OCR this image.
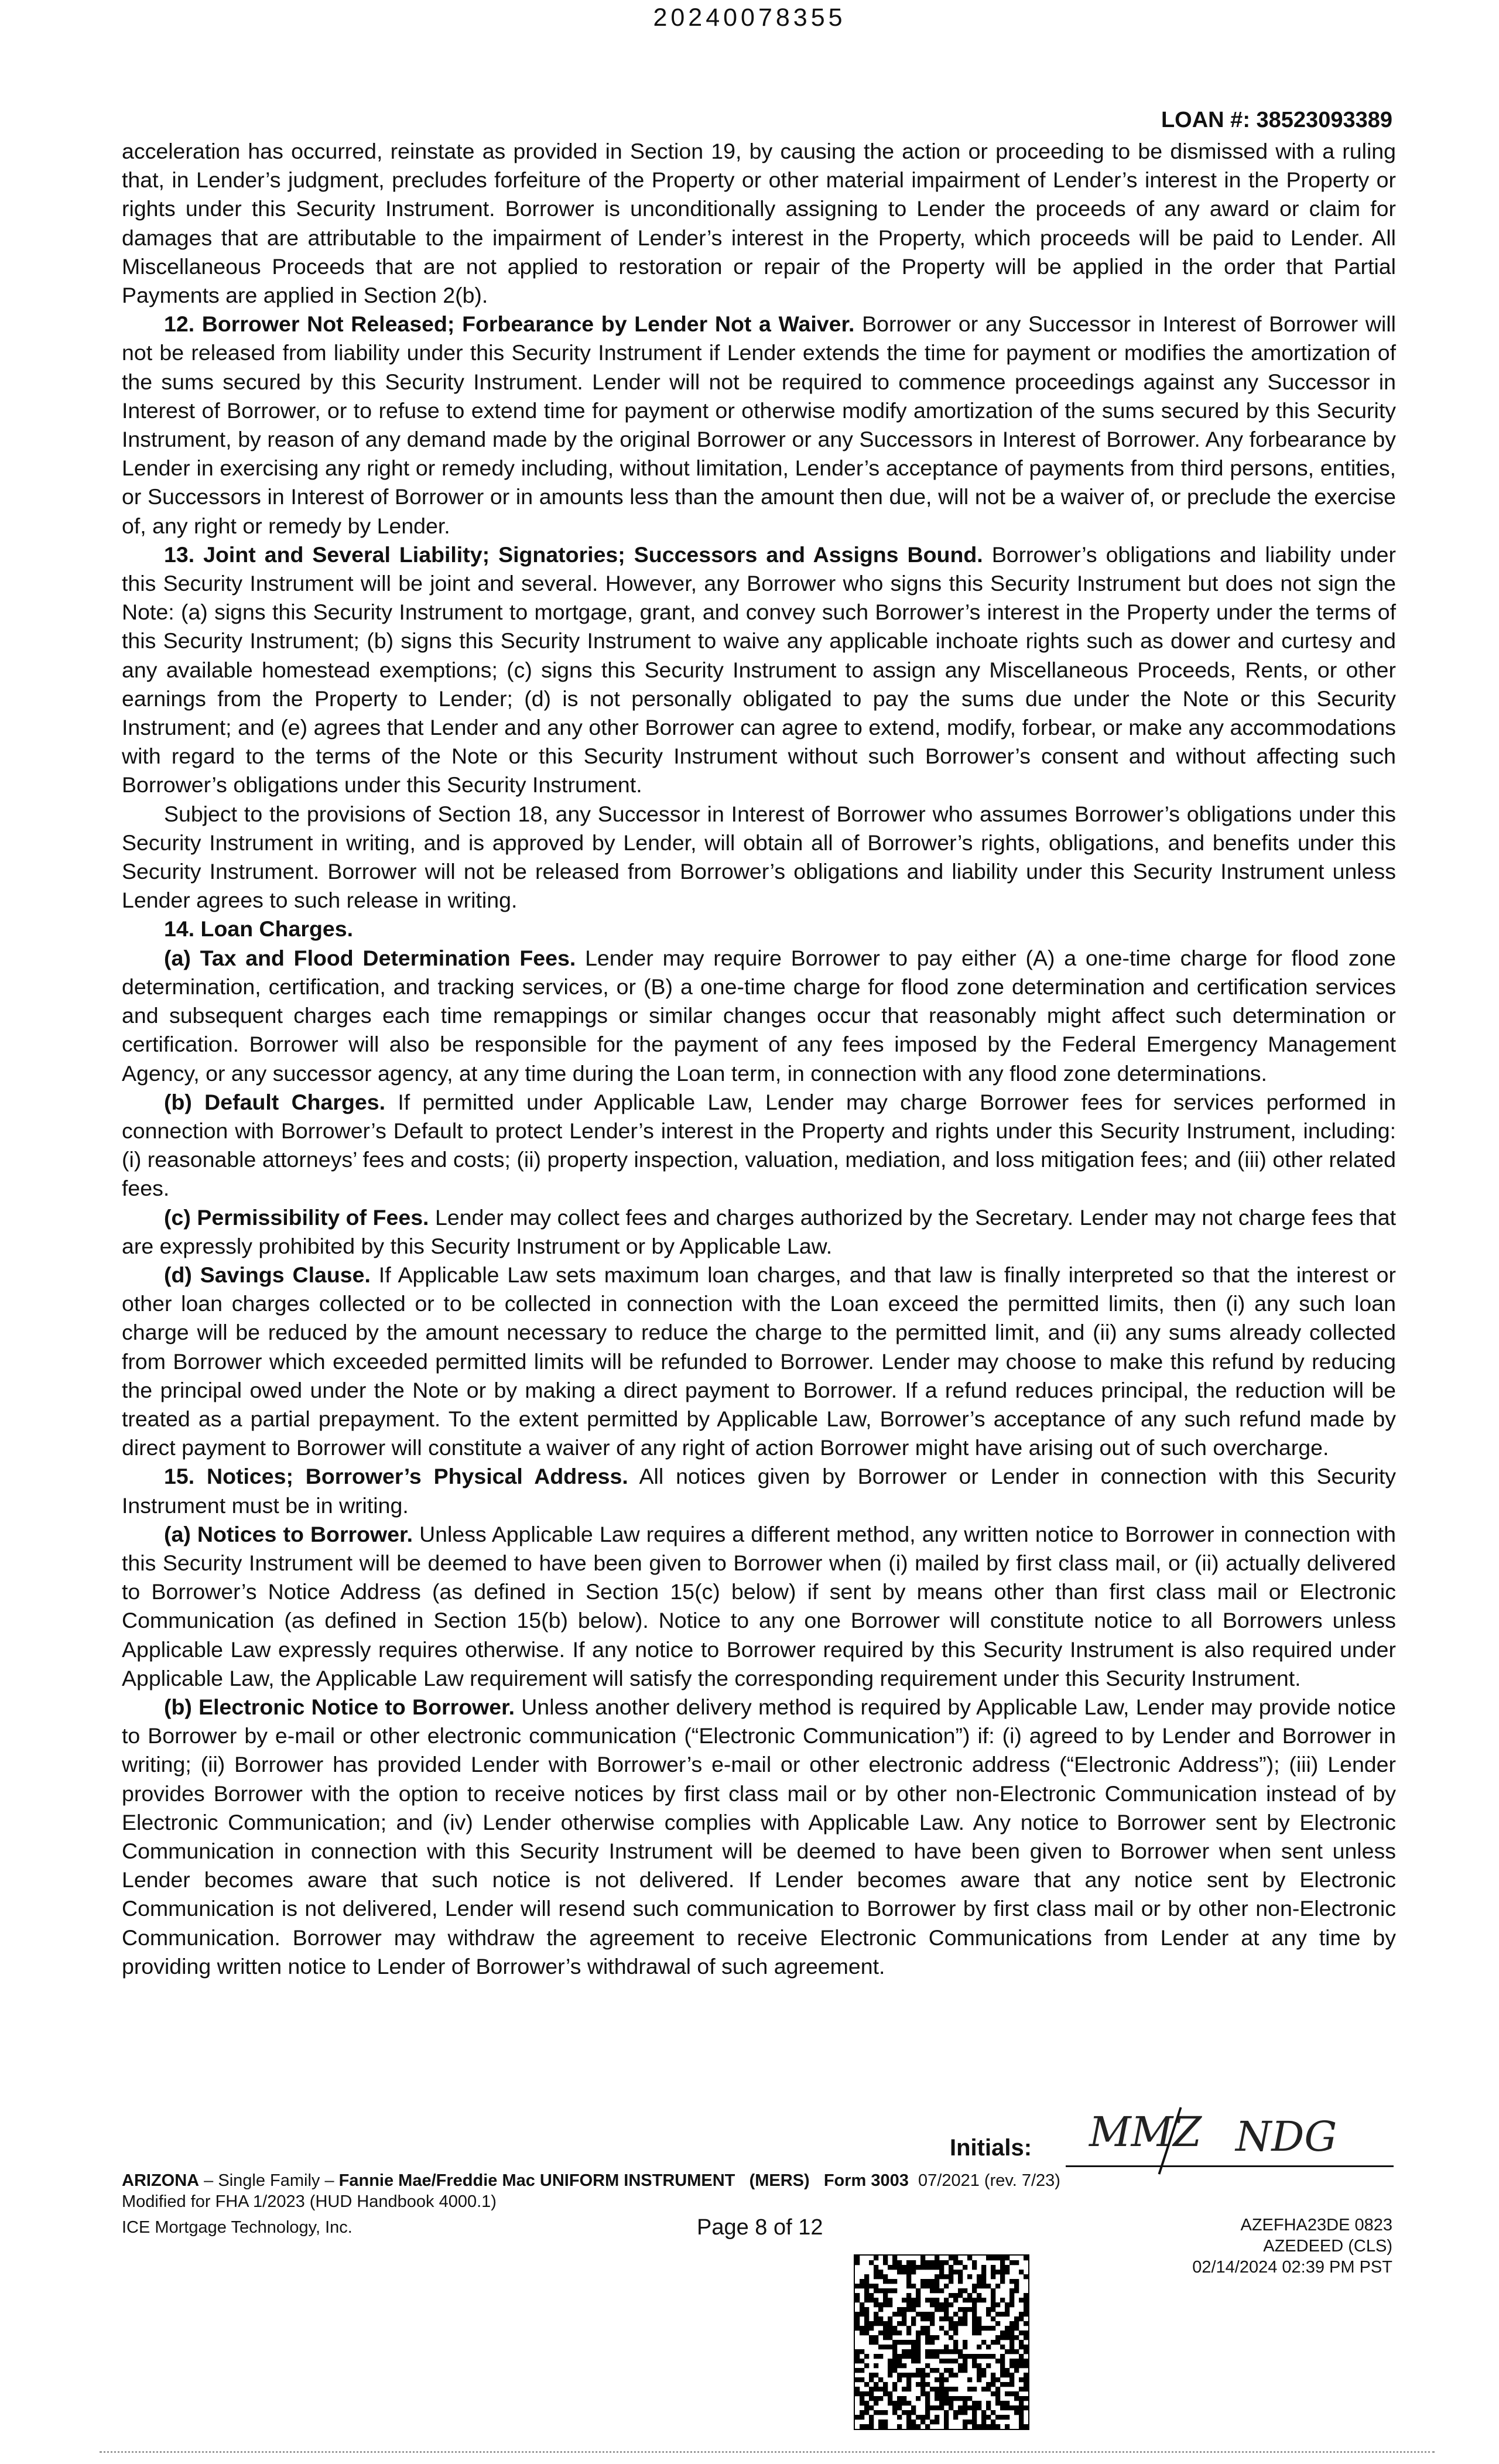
20240078355
LOAN #: 38523093389

acceleration has occurred, reinstate as provided in Section 19, by causing the action or proceeding to be dismissed with a ruling that, in Lender’s judgment, precludes forfeiture of the Property or other material impairment of Lender’s interest in the Property or rights under this Security Instrument. Borrower is unconditionally assigning to Lender the proceeds of any award or claim for damages that are attributable to the impairment of Lender’s interest in the Property, which proceeds will be paid to Lender. All Miscellaneous Proceeds that are not applied to restoration or repair of the Property will be applied in the order that Partial Payments are applied in Section 2(b).

12. Borrower Not Released; Forbearance by Lender Not a Waiver. Borrower or any Successor in Interest of Borrower will not be released from liability under this Security Instrument if Lender extends the time for payment or modifies the amortization of the sums secured by this Security Instrument. Lender will not be required to commence proceedings against any Successor in Interest of Borrower, or to refuse to extend time for payment or otherwise modify amortization of the sums secured by this Security Instrument, by reason of any demand made by the original Borrower or any Successors in Interest of Borrower. Any forbearance by Lender in exercising any right or remedy including, without limitation, Lender’s acceptance of payments from third persons, entities, or Successors in Interest of Borrower or in amounts less than the amount then due, will not be a waiver of, or preclude the exercise of, any right or remedy by Lender.

13. Joint and Several Liability; Signatories; Successors and Assigns Bound. Borrower’s obligations and liability under this Security Instrument will be joint and several. However, any Borrower who signs this Security Instrument but does not sign the Note: (a) signs this Security Instrument to mortgage, grant, and convey such Borrower’s interest in the Property under the terms of this Security Instrument; (b) signs this Security Instrument to waive any applicable inchoate rights such as dower and curtesy and any available homestead exemptions; (c) signs this Security Instrument to assign any Miscellaneous Proceeds, Rents, or other earnings from the Property to Lender; (d) is not personally obligated to pay the sums due under the Note or this Security Instrument; and (e) agrees that Lender and any other Borrower can agree to extend, modify, forbear, or make any accommodations with regard to the terms of the Note or this Security Instrument without such Borrower’s consent and without affecting such Borrower’s obligations under this Security Instrument.

Subject to the provisions of Section 18, any Successor in Interest of Borrower who assumes Borrower’s obligations under this Security Instrument in writing, and is approved by Lender, will obtain all of Borrower’s rights, obligations, and benefits under this Security Instrument. Borrower will not be released from Borrower’s obligations and liability under this Security Instrument unless Lender agrees to such release in writing.

14. Loan Charges.

(a) Tax and Flood Determination Fees. Lender may require Borrower to pay either (A) a one-time charge for flood zone determination, certification, and tracking services, or (B) a one-time charge for flood zone determination and certification services and subsequent charges each time remappings or similar changes occur that reasonably might affect such determination or certification. Borrower will also be responsible for the payment of any fees imposed by the Federal Emergency Management Agency, or any successor agency, at any time during the Loan term, in connection with any flood zone determinations.

(b) Default Charges. If permitted under Applicable Law, Lender may charge Borrower fees for services performed in connection with Borrower’s Default to protect Lender’s interest in the Property and rights under this Security Instrument, including: (i) reasonable attorneys’ fees and costs; (ii) property inspection, valuation, mediation, and loss mitigation fees; and (iii) other related fees.

(c) Permissibility of Fees. Lender may collect fees and charges authorized by the Secretary. Lender may not charge fees that are expressly prohibited by this Security Instrument or by Applicable Law.

(d) Savings Clause. If Applicable Law sets maximum loan charges, and that law is finally interpreted so that the interest or other loan charges collected or to be collected in connection with the Loan exceed the permitted limits, then (i) any such loan charge will be reduced by the amount necessary to reduce the charge to the permitted limit, and (ii) any sums already collected from Borrower which exceeded permitted limits will be refunded to Borrower. Lender may choose to make this refund by reducing the principal owed under the Note or by making a direct payment to Borrower. If a refund reduces principal, the reduction will be treated as a partial prepayment. To the extent permitted by Applicable Law, Borrower’s acceptance of any such refund made by direct payment to Borrower will constitute a waiver of any right of action Borrower might have arising out of such overcharge.

15. Notices; Borrower’s Physical Address. All notices given by Borrower or Lender in connection with this Security Instrument must be in writing.

(a) Notices to Borrower. Unless Applicable Law requires a different method, any written notice to Borrower in connection with this Security Instrument will be deemed to have been given to Borrower when (i) mailed by first class mail, or (ii) actually delivered to Borrower’s Notice Address (as defined in Section 15(c) below) if sent by means other than first class mail or Electronic Communication (as defined in Section 15(b) below). Notice to any one Borrower will constitute notice to all Borrowers unless Applicable Law expressly requires otherwise. If any notice to Borrower required by this Security Instrument is also required under Applicable Law, the Applicable Law requirement will satisfy the corresponding requirement under this Security Instrument.

(b) Electronic Notice to Borrower. Unless another delivery method is required by Applicable Law, Lender may provide notice to Borrower by e-mail or other electronic communication (“Electronic Communication”) if: (i) agreed to by Lender and Borrower in writing; (ii) Borrower has provided Lender with Borrower’s e-mail or other electronic address (“Electronic Address”); (iii) Lender provides Borrower with the option to receive notices by first class mail or by other non-Electronic Communication instead of by Electronic Communication; and (iv) Lender otherwise complies with Applicable Law. Any notice to Borrower sent by Electronic Communication in connection with this Security Instrument will be deemed to have been given to Borrower when sent unless Lender becomes aware that such notice is not delivered. If Lender becomes aware that any notice sent by Electronic Communication is not delivered, Lender will resend such communication to Borrower by first class mail or by other non-Electronic Communication. Borrower may withdraw the agreement to receive Electronic Communications from Lender at any time by providing written notice to Lender of Borrower’s withdrawal of such agreement.

Initials: MMZ NDG
ARIZONA – Single Family – Fannie Mae/Freddie Mac UNIFORM INSTRUMENT (MERS) Form 3003 07/2021 (rev. 7/23)
Modified for FHA 1/2023 (HUD Handbook 4000.1)
ICE Mortgage Technology, Inc.	Page 8 of 12	AZEFHA23DE 0823
AZEDEED (CLS)
02/14/2024 02:39 PM PST
